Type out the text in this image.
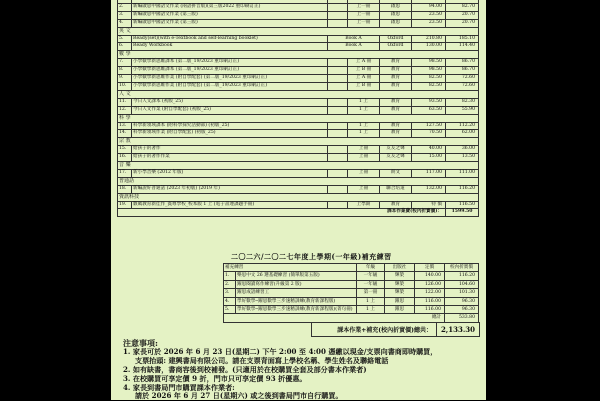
2.	新編啟思中國語文作業 (兩語拼音版)(第三版2022 重印刷訂正)		上一冊	啟思	94.00	82.70
3.	新編啟思中國語文作業 (第三版)		上一冊	啟思	23.50	20.70
4.	新編啟思中國語文作業 (第三版)		上一冊	啟思	23.50	20.70
英 文						
5.	Ready(set)(with e-Textbook and self-learning booklet)	Book A		Oxford	210.80	185.10
6.	Ready Workbook	Book A		Oxford	130.00	114.40
數 學						
7.	小學數學新思維課本 (第二版_19/2023 重印刷訂正)		上 A 冊	教育	98.50	86.70
8.	小學數學新思維課本 (第二版_19/2023 重印刷訂正)		上 B 冊	教育	98.50	86.70
9.	小學數學新思維作業 (附自學配套) (第二版_19/2023 重印刷訂正)		上 A 冊	教育	82.50	72.60
10.	小學數學新思維作業 (附自學配套) (第二版_19/2023 重印刷訂正)		上 B 冊	教育	82.50	72.60
人 文						
11.	今日人文課本 (初版_25)		1 上	教育	93.50	82.30
12.	今日人文作業 (附自學配套) (初版_25)		1 上	教育	63.50	55.90
科 學						
13.	科學新領域課本 (附科學探究活動部) (初版_25)		1 上	教育	127.50	112.20
14.	科學新領域作業 (附自學配套) (初版_25)		1 上	教育	70.50	62.00
宗 教						
15.	給孩子的著作		上冊	友友之聲	40.00	36.00
16.	給孩子的著作作業		上冊	友友之聲	15.00	13.50
音 樂						
17.	新小學音樂 (2012 年版)		上冊	朗文	117.00	111.00
普通話						
18.	新編說好普通話 (2023 年初版) (2019 年)		上冊	聯合培道	132.00	116.20
資訊科技						
19.	數碼教育新佳作_賓尊學校_校本版 1 上 (電子書連課題手冊)		上學期	教育	特 價	116.50
課本作業費(校內折實價)：						1599.50
二〇二六/二〇二七年度上學期(一年級)補充練習
補充練習		年級	出版社	定價	校內折實價
1.	樂思中文 26 選基礎練習 (簡單版第五版)	一年級	輝榮	140.00	116.20
2.	躍思閱讀寫作練習(升級第 2 版)	一年級	輝榮	126.00	104.60
3.	躍思成語練習工	第一冊	輝榮	122.00	101.30
4.	學好數學─躍思數學三步速精訓練(教育新課程版)	1 上	躍思	116.00	96.30
5.	學好數學─躍思數學三步速精訓練(教育新課程版)(菁句冊)	1 上	躍思	116.00	96.30
總計					533.80
課本作業+補充(校內折實價)總共：	2,133.30
注意事項:
1. 家長可於 2026 年 6 月 23 日(星期二) 下午 2:00 至 4:00 憑繳以現金/支票向書商即時購買，
支票抬頭: 建興書局有限公司。請在支票背面寫上學校名稱、學生姓名及聯絡電話
2. 如有缺書，書商容後到校補發。(只適用於在校購買全套及部分書本作業者)
3. 在校購買可享定價 9 折，門市只可享定價 93 折優惠。
4. 家長到書局門市購買課本作業者:
請於 2026 年 6 月 27 日(星期六) 或之後到書局門市自行購買。
